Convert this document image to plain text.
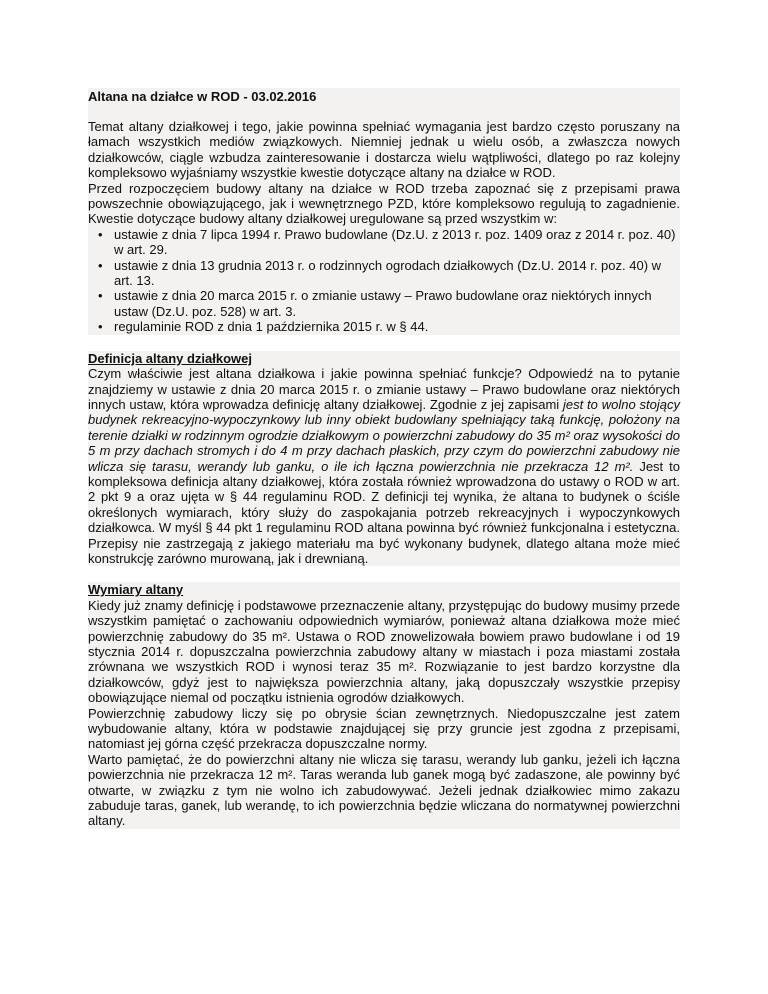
Altana na działce w ROD - 03.02.2016

Temat altany działkowej i tego, jakie powinna spełniać wymagania jest bardzo często poruszany na łamach wszystkich mediów związkowych. Niemniej jednak u wielu osób, a zwłaszcza nowych działkowców, ciągle wzbudza zainteresowanie i dostarcza wielu wątpliwości, dlatego po raz kolejny kompleksowo wyjaśniamy wszystkie kwestie dotyczące altany na działce w ROD.

Przed rozpoczęciem budowy altany na działce w ROD trzeba zapoznać się z przepisami prawa powszechnie obowiązującego, jak i wewnętrznego PZD, które kompleksowo regulują to zagadnienie. Kwestie dotyczące budowy altany działkowej uregulowane są przed wszystkim w:

• ustawie z dnia 7 lipca 1994 r. Prawo budowlane (Dz.U. z 2013 r. poz. 1409 oraz z 2014 r. poz. 40) w art. 29.
• ustawie z dnia 13 grudnia 2013 r. o rodzinnych ogrodach działkowych (Dz.U. 2014 r. poz. 40) w art. 13.
• ustawie z dnia 20 marca 2015 r. o zmianie ustawy – Prawo budowlane oraz niektórych innych ustaw (Dz.U. poz. 528) w art. 3.
• regulaminie ROD z dnia 1 października 2015 r. w § 44.
Definicja altany działkowej

Czym właściwie jest altana działkowa i jakie powinna spełniać funkcje? Odpowiedź na to pytanie znajdziemy w ustawie z dnia 20 marca 2015 r. o zmianie ustawy – Prawo budowlane oraz niektórych innych ustaw, która wprowadza definicję altany działkowej. Zgodnie z jej zapisami jest to wolno stojący budynek rekreacyjno-wypoczynkowy lub inny obiekt budowlany spełniający taką funkcję, położony na terenie działki w rodzinnym ogrodzie działkowym o powierzchni zabudowy do 35 m² oraz wysokości do 5 m przy dachach stromych i do 4 m przy dachach płaskich, przy czym do powierzchni zabudowy nie wlicza się tarasu, werandy lub ganku, o ile ich łączna powierzchnia nie przekracza 12 m². Jest to kompleksowa definicja altany działkowej, która została również wprowadzona do ustawy o ROD w art. 2 pkt 9 a oraz ujęta w § 44 regulaminu ROD. Z definicji tej wynika, że altana to budynek o ściśle określonych wymiarach, który służy do zaspokajania potrzeb rekreacyjnych i wypoczynkowych działkowca. W myśl § 44 pkt 1 regulaminu ROD altana powinna być również funkcjonalna i estetyczna. Przepisy nie zastrzegają z jakiego materiału ma być wykonany budynek, dlatego altana może mieć konstrukcję zarówno murowaną, jak i drewnianą.

Wymiary altany

Kiedy już znamy definicję i podstawowe przeznaczenie altany, przystępując do budowy musimy przede wszystkim pamiętać o zachowaniu odpowiednich wymiarów, ponieważ altana działkowa może mieć powierzchnię zabudowy do 35 m². Ustawa o ROD znowelizowała bowiem prawo budowlane i od 19 stycznia 2014 r. dopuszczalna powierzchnia zabudowy altany w miastach i poza miastami została zrównana we wszystkich ROD i wynosi teraz 35 m². Rozwiązanie to jest bardzo korzystne dla działkowców, gdyż jest to największa powierzchnia altany, jaką dopuszczały wszystkie przepisy obowiązujące niemal od początku istnienia ogrodów działkowych.

Powierzchnię zabudowy liczy się po obrysie ścian zewnętrznych. Niedopuszczalne jest zatem wybudowanie altany, która w podstawie znajdującej się przy gruncie jest zgodna z przepisami, natomiast jej górna część przekracza dopuszczalne normy.

Warto pamiętać, że do powierzchni altany nie wlicza się tarasu, werandy lub ganku, jeżeli ich łączna powierzchnia nie przekracza 12 m². Taras weranda lub ganek mogą być zadaszone, ale powinny być otwarte, w związku z tym nie wolno ich zabudowywać. Jeżeli jednak działkowiec mimo zakazu zabuduje taras, ganek, lub werandę, to ich powierzchnia będzie wliczana do normatywnej powierzchni altany.
